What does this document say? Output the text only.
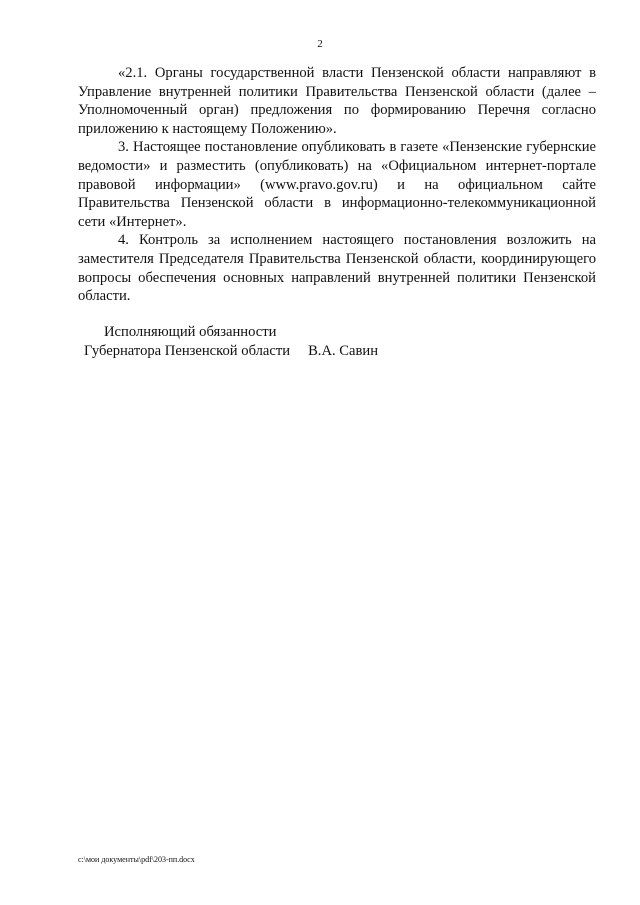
2

«2.1. Органы государственной власти Пензенской области направляют в Управление внутренней политики Правительства Пензенской области (далее – Уполномоченный орган) предложения по формированию Перечня согласно приложению к настоящему Положению».

3. Настоящее постановление опубликовать в газете «Пензенские губернские ведомости» и разместить (опубликовать) на «Официальном интернет-портале правовой информации» (www.pravo.gov.ru) и на официальном сайте Правительства Пензенской области в информационно-телекоммуникационной сети «Интернет».

4. Контроль за исполнением настоящего постановления возложить на заместителя Председателя Правительства Пензенской области, координирующего вопросы обеспечения основных направлений внутренней политики Пензенской области.

Исполняющий обязанности
Губернатора Пензенской области В.А. Савин
c:\мои документы\pdf\203-пп.docx
